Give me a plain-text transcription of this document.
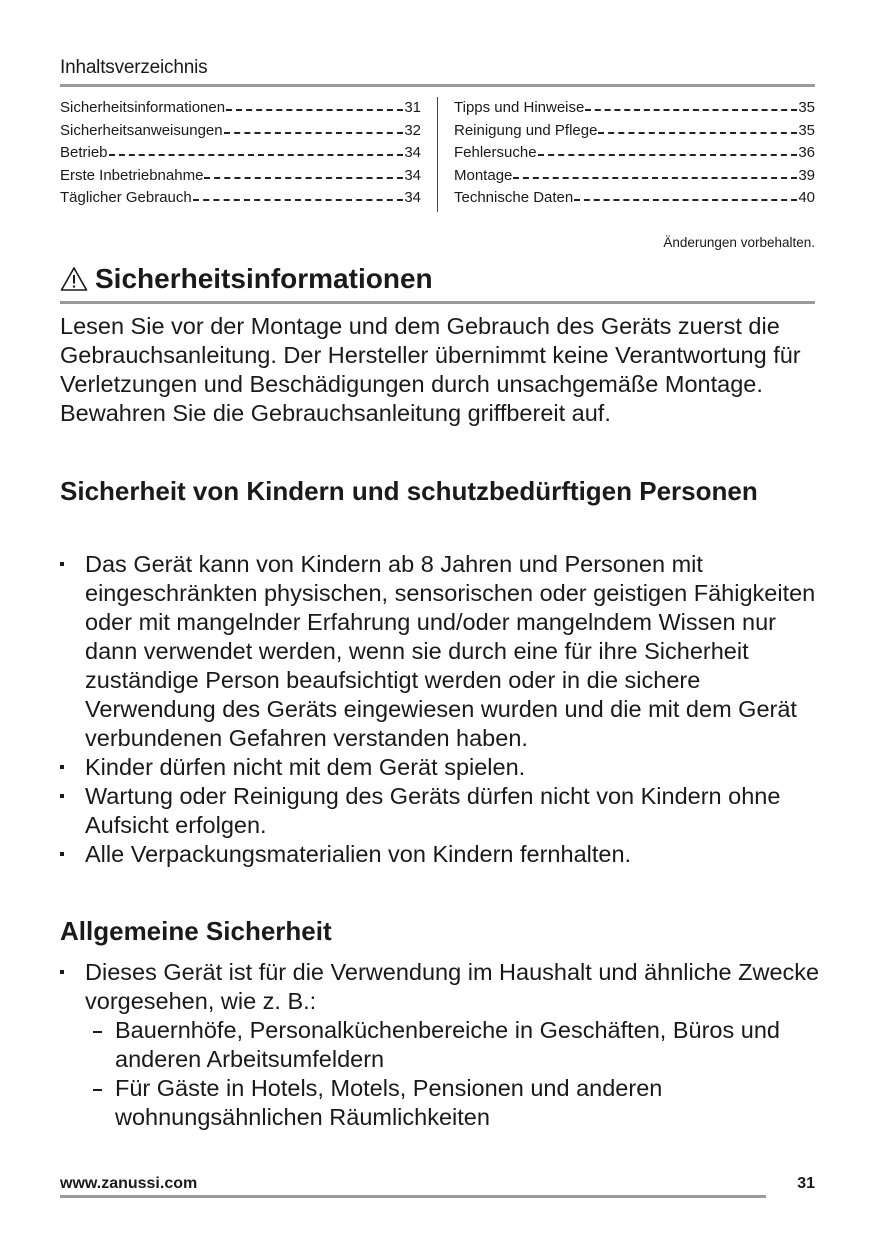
Inhaltsverzeichnis
Sicherheitsinformationen	31
Sicherheitsanweisungen	32
Betrieb	34
Erste Inbetriebnahme	34
Täglicher Gebrauch	34
Tipps und Hinweise	35
Reinigung und Pflege	35
Fehlersuche	36
Montage	39
Technische Daten	40
Änderungen vorbehalten.
Sicherheitsinformationen

Lesen Sie vor der Montage und dem Gebrauch des Geräts zuerst die Gebrauchsanleitung. Der Hersteller übernimmt keine Verantwortung für Verletzungen und Beschädigungen durch unsachgemäße Montage. Bewahren Sie die Gebrauchsanleitung griffbereit auf.

Sicherheit von Kindern und schutzbedürftigen Personen
Das Gerät kann von Kindern ab 8 Jahren und Personen mit eingeschränkten physischen, sensorischen oder geistigen Fähigkeiten oder mit mangelnder Erfahrung und/oder mangelndem Wissen nur dann verwendet werden, wenn sie durch eine für ihre Sicherheit zuständige Person beaufsichtigt werden oder in die sichere Verwendung des Geräts eingewiesen wurden und die mit dem Gerät verbundenen Gefahren verstanden haben.
Kinder dürfen nicht mit dem Gerät spielen.
Wartung oder Reinigung des Geräts dürfen nicht von Kindern ohne Aufsicht erfolgen.
Alle Verpackungsmaterialien von Kindern fernhalten.
Allgemeine Sicherheit
Dieses Gerät ist für die Verwendung im Haushalt und ähnliche Zwecke vorgesehen, wie z. B.:
Bauernhöfe, Personalküchenbereiche in Geschäften, Büros und anderen Arbeitsumfeldern
Für Gäste in Hotels, Motels, Pensionen und anderen wohnungsähnlichen Räumlichkeiten
www.zanussi.com	31
